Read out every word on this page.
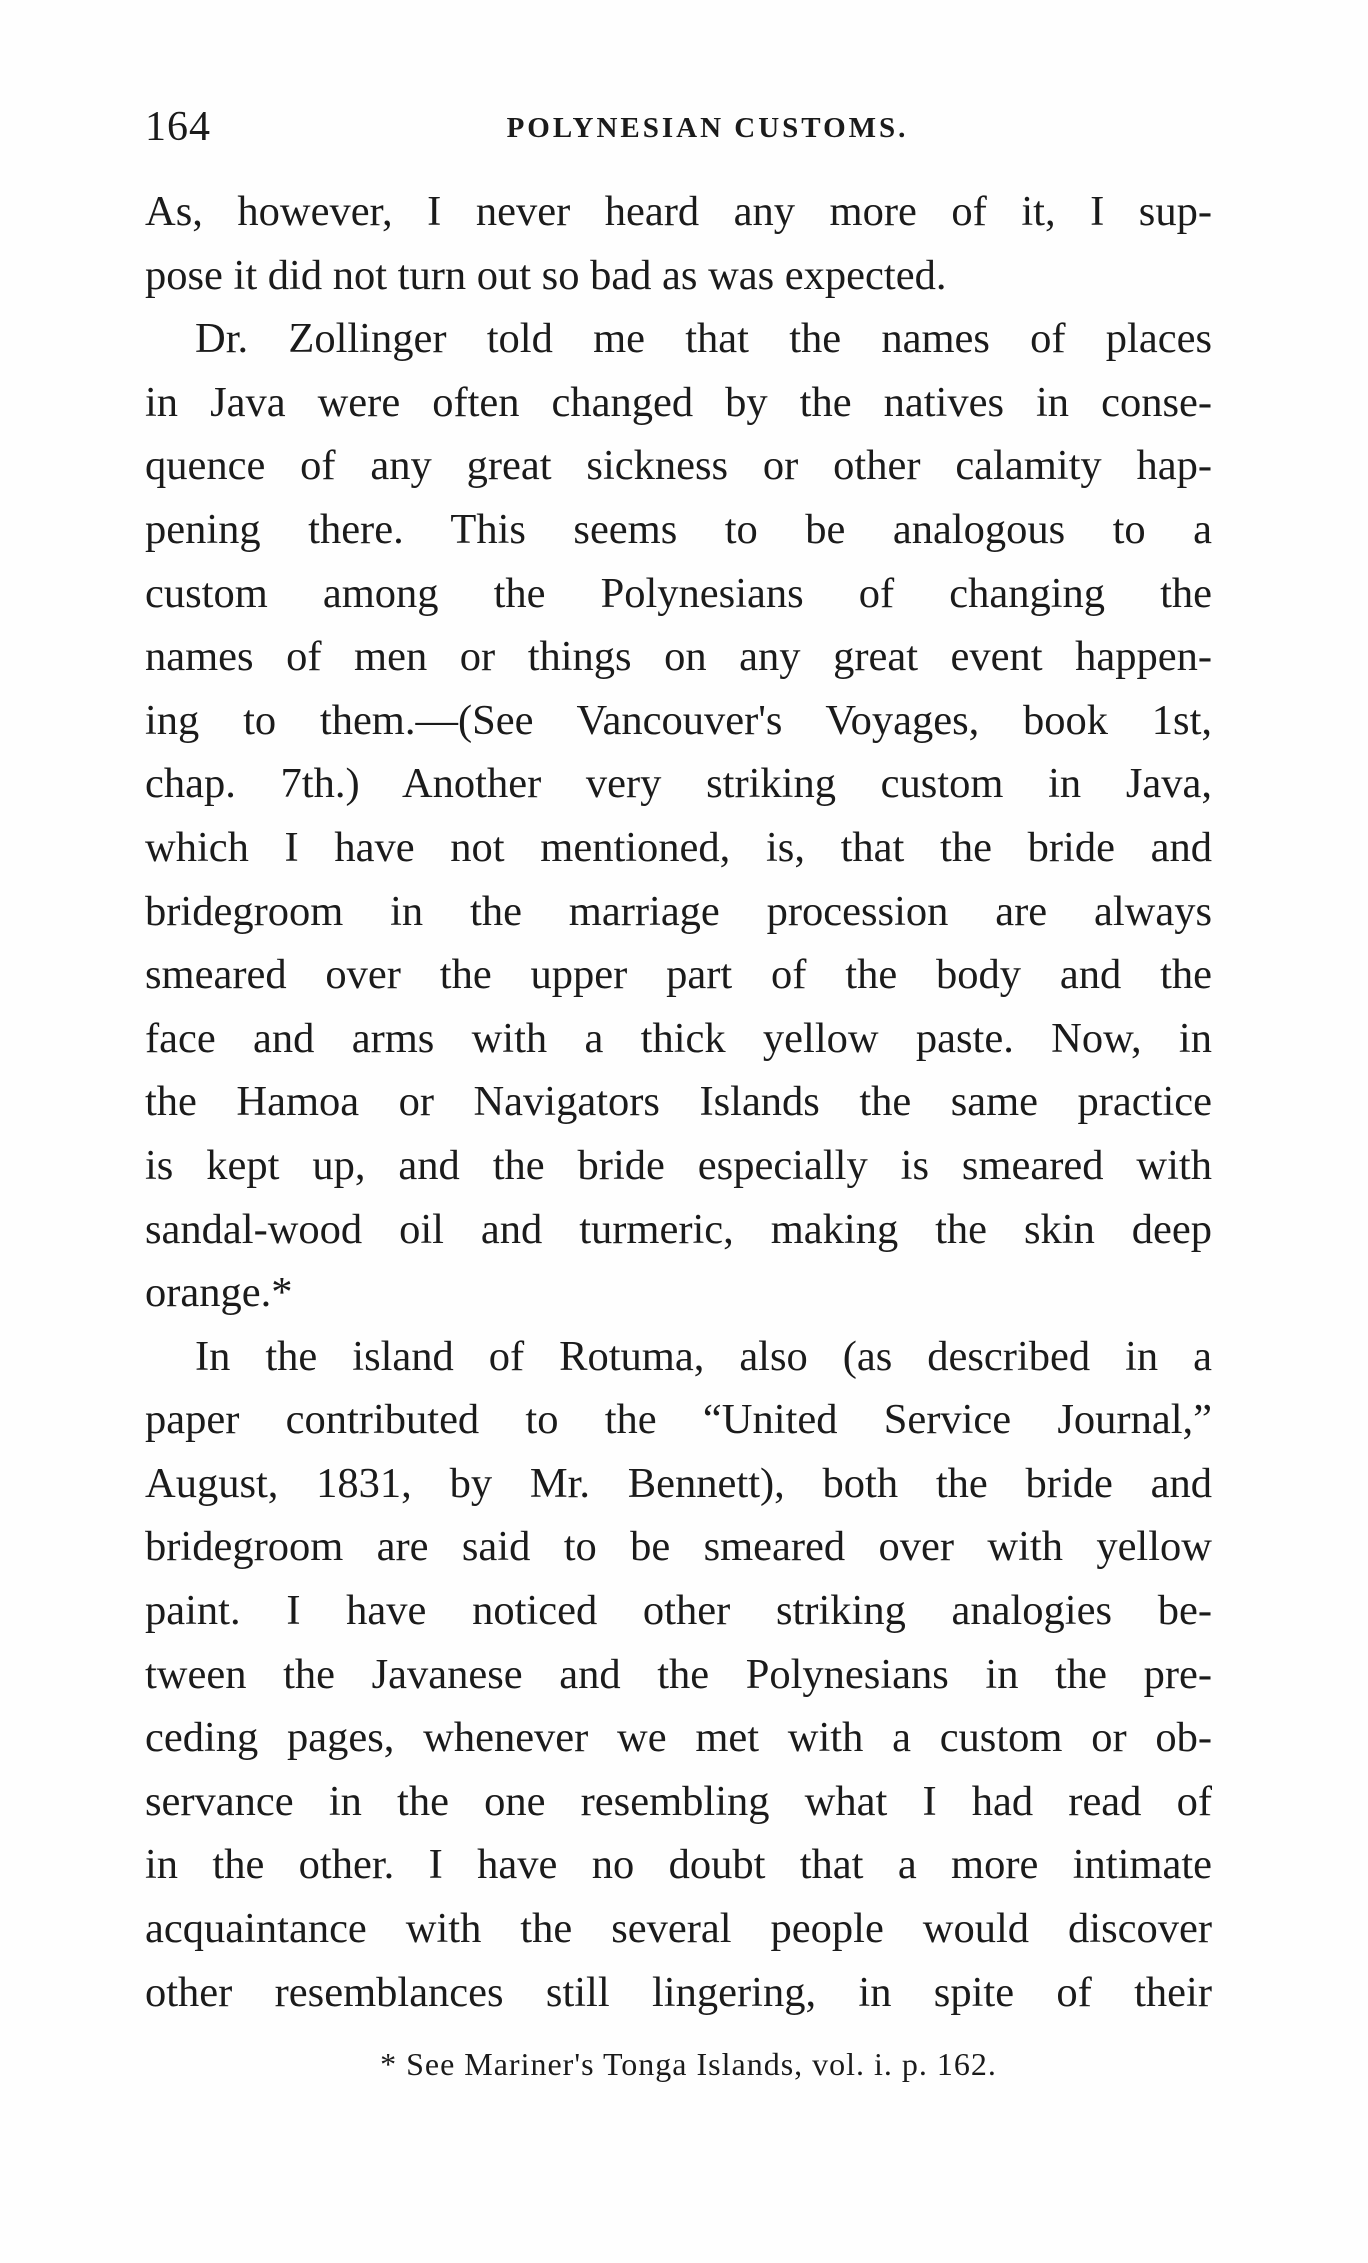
164	POLYNESIAN CUSTOMS.
As, however, I never heard any more of it, I sup-
pose it did not turn out so bad as was expected.
Dr. Zollinger told me that the names of places
in Java were often changed by the natives in conse-
quence of any great sickness or other calamity hap-
pening there. This seems to be analogous to a
custom among the Polynesians of changing the
names of men or things on any great event happen-
ing to them.—(See Vancouver's Voyages, book 1st,
chap. 7th.) Another very striking custom in Java,
which I have not mentioned, is, that the bride and
bridegroom in the marriage procession are always
smeared over the upper part of the body and the
face and arms with a thick yellow paste. Now, in
the Hamoa or Navigators Islands the same practice
is kept up, and the bride especially is smeared with
sandal-wood oil and turmeric, making the skin deep
orange.*
In the island of Rotuma, also (as described in a
paper contributed to the “United Service Journal,”
August, 1831, by Mr. Bennett), both the bride and
bridegroom are said to be smeared over with yellow
paint. I have noticed other striking analogies be-
tween the Javanese and the Polynesians in the pre-
ceding pages, whenever we met with a custom or ob-
servance in the one resembling what I had read of
in the other. I have no doubt that a more intimate
acquaintance with the several people would discover
other resemblances still lingering, in spite of their
* See Mariner's Tonga Islands, vol. i. p. 162.
